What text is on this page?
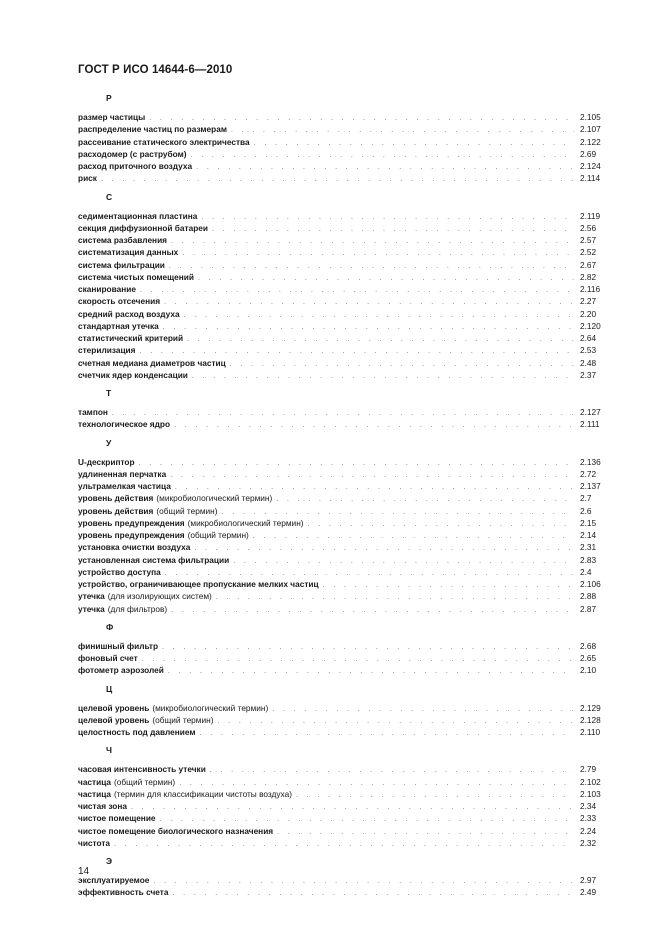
ГОСТ Р ИСО 14644-6—2010
Р
размер частицы . . .	2.105
распределение частиц по размерам . . .	2.107
рассеивание статического электричества . . .	2.122
расходомер (с раструбом) . . .	2.69
расход приточного воздуха . . .	2.124
риск . . .	2.114
С
седиментационная пластина . . .	2.119
секция диффузионной батареи . . .	2.56
система разбавления . . .	2.57
систематизация данных . . .	2.52
система фильтрации . . .	2.67
система чистых помещений . . .	2.82
сканирование . . .	2.116
скорость отсечения . . .	2.27
средний расход воздуха . . .	2.20
стандартная утечка . . .	2.120
статистический критерий . . .	2.64
стерилизация . . .	2.53
счетная медиана диаметров частиц . . .	2.48
счетчик ядер конденсации . . .	2.37
Т
тампон . . .	2.127
технологическое ядро . . .	2.111
У
U-дескриптор . . .	2.136
удлиненная перчатка . . .	2.72
ультрамелкая частица . . .	2.137
уровень действия (микробиологический термин) . . .	2.7
уровень действия (общий термин) . . .	2.6
уровень предупреждения (микробиологический термин) . . .	2.15
уровень предупреждения (общий термин) . . .	2.14
установка очистки воздуха . . .	2.31
установленная система фильтрации . . .	2.83
устройство доступа . . .	2.4
устройство, ограничивающее пропускание мелких частиц . . .	2.106
утечка (для изолирующих систем) . . .	2.88
утечка (для фильтров) . . .	2.87
Ф
финишный фильтр . . .	2.68
фоновый счет . . .	2.65
фотометр аэрозолей . . .	2.10
Ц
целевой уровень (микробиологический термин) . . .	2.129
целевой уровень (общий термин) . . .	2.128
целостность под давлением . . .	2.110
Ч
часовая интенсивность утечки . . .	2.79
частица (общий термин) . . .	2.102
частица (термин для классификации чистоты воздуха) . . .	2.103
чистая зона . . .	2.34
чистое помещение . . .	2.33
чистое помещение биологического назначения . . .	2.24
чистота . . .	2.32
Э
эксплуатируемое . . .	2.97
эффективность счета . . .	2.49
14
